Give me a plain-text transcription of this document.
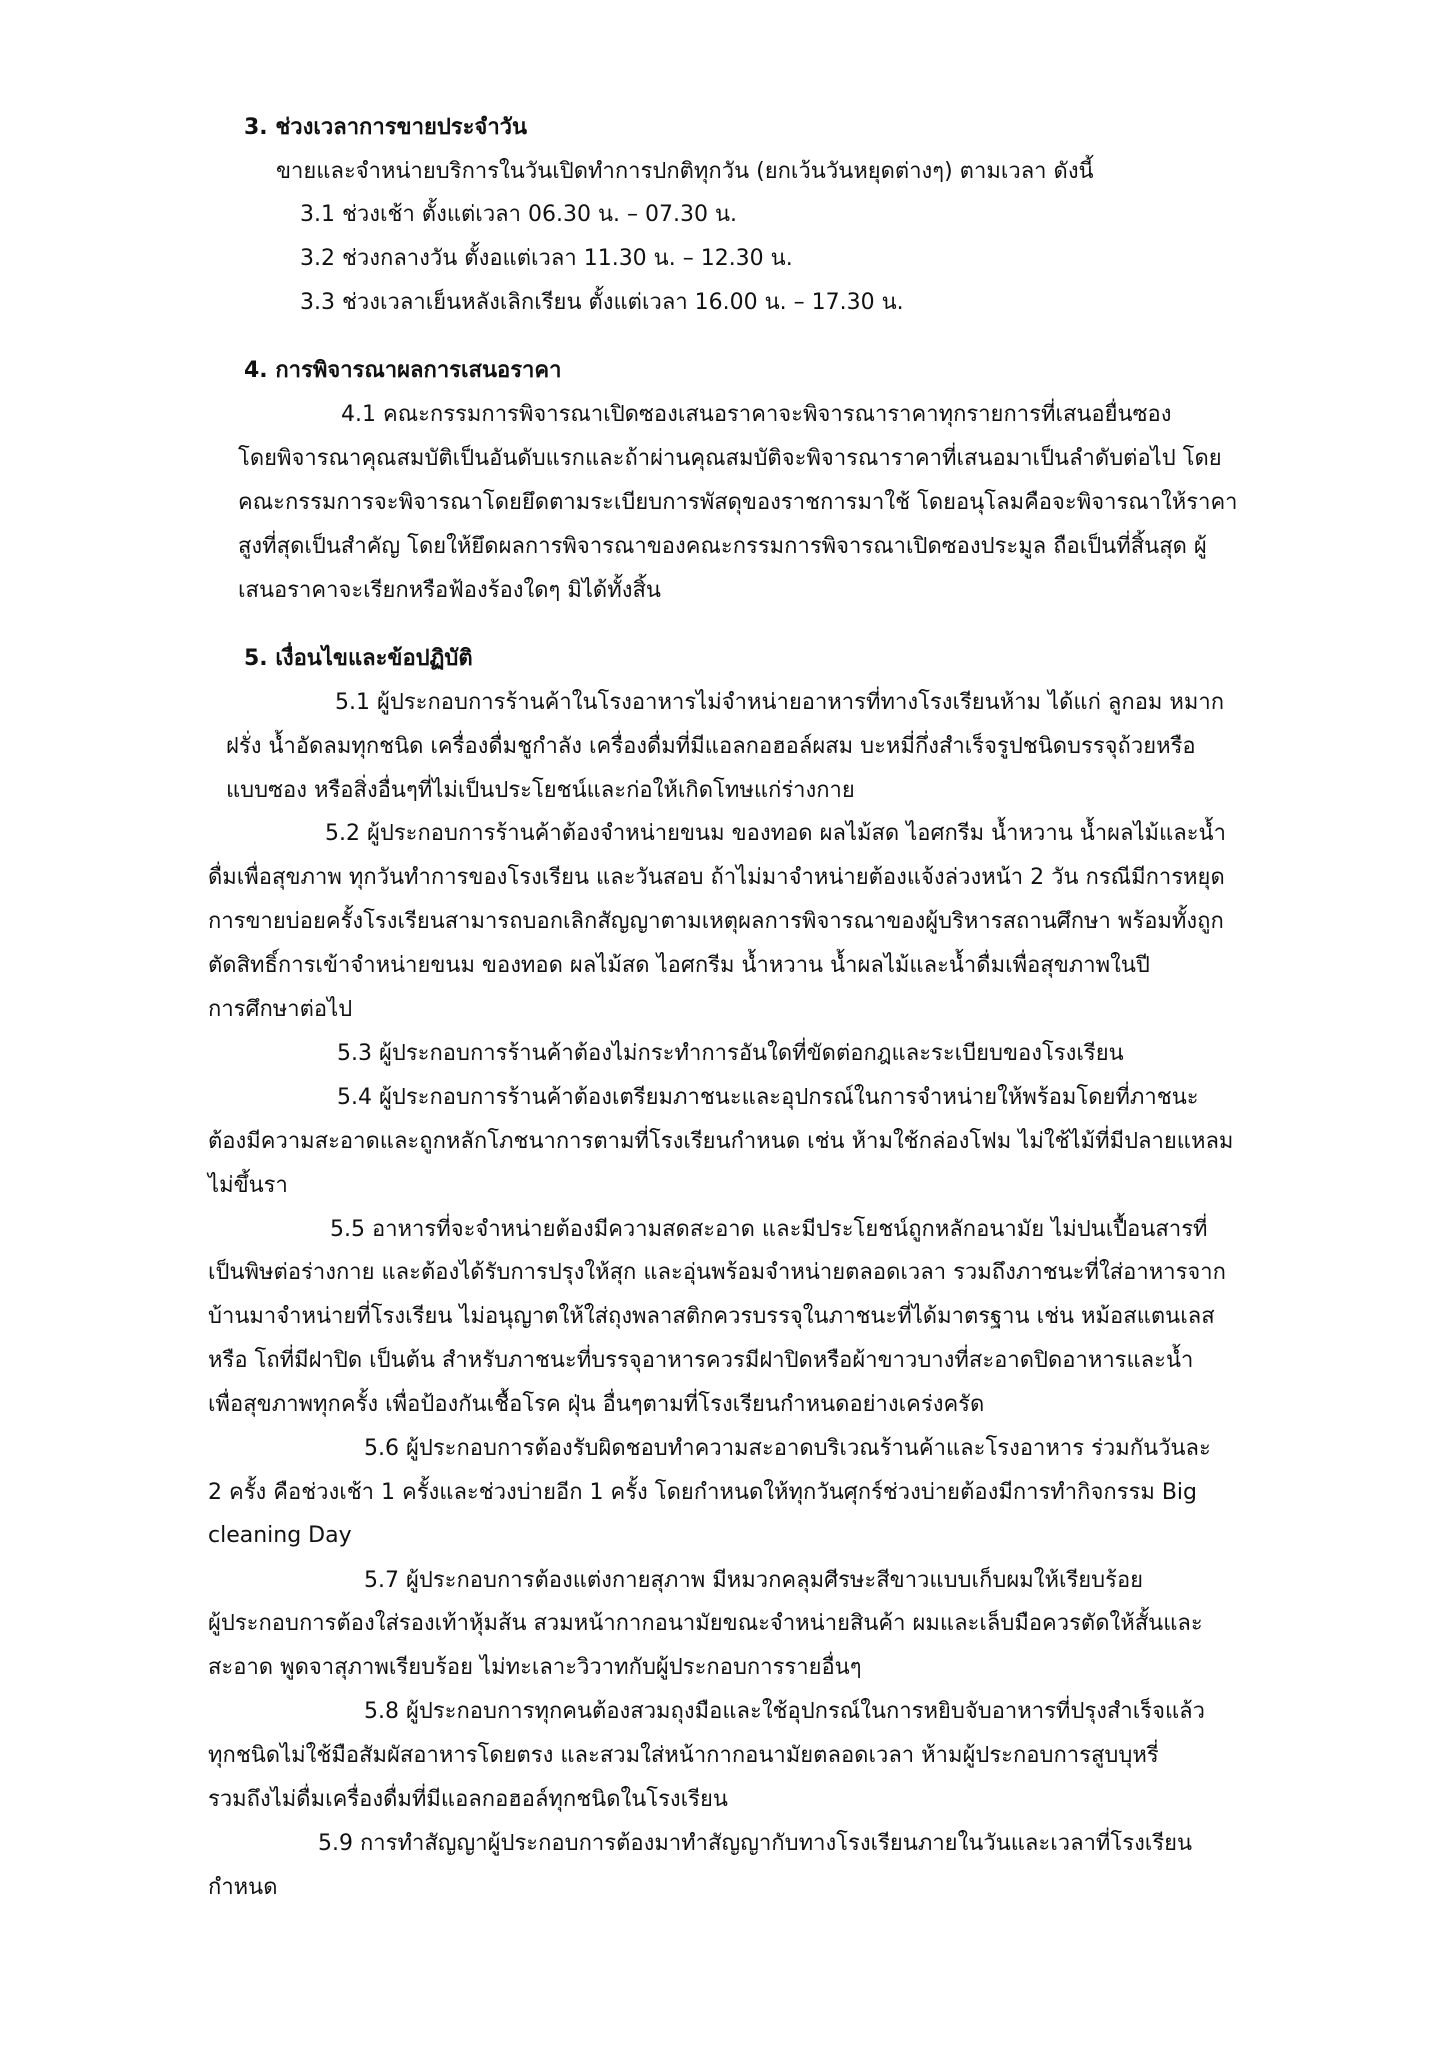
3. ช่วงเวลาการขายประจำวัน
ขายและจำหน่ายบริการในวันเปิดทำการปกติทุกวัน (ยกเว้นวันหยุดต่างๆ) ตามเวลา ดังนี้
3.1 ช่วงเช้า ตั้งแต่เวลา 06.30 น. – 07.30 น.
3.2 ช่วงกลางวัน ตั้งอแต่เวลา 11.30 น. – 12.30 น.
3.3 ช่วงเวลาเย็นหลังเลิกเรียน ตั้งแต่เวลา 16.00 น. – 17.30 น.
4. การพิจารณาผลการเสนอราคา
4.1 คณะกรรมการพิจารณาเปิดซองเสนอราคาจะพิจารณาราคาทุกรายการที่เสนอยื่นซอง
โดยพิจารณาคุณสมบัติเป็นอันดับแรกและถ้าผ่านคุณสมบัติจะพิจารณาราคาที่เสนอมาเป็นลำดับต่อไป โดย
คณะกรรมการจะพิจารณาโดยยึดตามระเบียบการพัสดุของราชการมาใช้ โดยอนุโลมคือจะพิจารณาให้ราคา
สูงที่สุดเป็นสำคัญ โดยให้ยึดผลการพิจารณาของคณะกรรมการพิจารณาเปิดซองประมูล ถือเป็นที่สิ้นสุด ผู้
เสนอราคาจะเรียกหรือฟ้องร้องใดๆ มิได้ทั้งสิ้น
5. เงื่อนไขและข้อปฏิบัติ
5.1 ผู้ประกอบการร้านค้าในโรงอาหารไม่จำหน่ายอาหารที่ทางโรงเรียนห้าม ได้แก่ ลูกอม หมาก
ฝรั่ง น้ำอัดลมทุกชนิด เครื่องดื่มชูกำลัง เครื่องดื่มที่มีแอลกอฮอล์ผสม บะหมี่กึ่งสำเร็จรูปชนิดบรรจุถ้วยหรือ
แบบซอง หรือสิ่งอื่นๆที่ไม่เป็นประโยชน์และก่อให้เกิดโทษแก่ร่างกาย
5.2 ผู้ประกอบการร้านค้าต้องจำหน่ายขนม ของทอด ผลไม้สด ไอศกรีม น้ำหวาน น้ำผลไม้และน้ำ
ดื่มเพื่อสุขภาพ ทุกวันทำการของโรงเรียน และวันสอบ ถ้าไม่มาจำหน่ายต้องแจ้งล่วงหน้า 2 วัน กรณีมีการหยุด
การขายบ่อยครั้งโรงเรียนสามารถบอกเลิกสัญญาตามเหตุผลการพิจารณาของผู้บริหารสถานศึกษา พร้อมทั้งถูก
ตัดสิทธิ์การเข้าจำหน่ายขนม ของทอด ผลไม้สด ไอศกรีม น้ำหวาน น้ำผลไม้และน้ำดื่มเพื่อสุขภาพในปี
การศึกษาต่อไป
5.3 ผู้ประกอบการร้านค้าต้องไม่กระทำการอันใดที่ขัดต่อกฎและระเบียบของโรงเรียน
5.4 ผู้ประกอบการร้านค้าต้องเตรียมภาชนะและอุปกรณ์ในการจำหน่ายให้พร้อมโดยที่ภาชนะ
ต้องมีความสะอาดและถูกหลักโภชนาการตามที่โรงเรียนกำหนด เช่น ห้ามใช้กล่องโฟม ไม่ใช้ไม้ที่มีปลายแหลม
ไม่ขึ้นรา
5.5 อาหารที่จะจำหน่ายต้องมีความสดสะอาด และมีประโยชน์ถูกหลักอนามัย ไม่ปนเปื้อนสารที่
เป็นพิษต่อร่างกาย และต้องได้รับการปรุงให้สุก และอุ่นพร้อมจำหน่ายตลอดเวลา รวมถึงภาชนะที่ใส่อาหารจาก
บ้านมาจำหน่ายที่โรงเรียน ไม่อนุญาตให้ใส่ถุงพลาสติกควรบรรจุในภาชนะที่ได้มาตรฐาน เช่น หม้อสแตนเลส
หรือ โถที่มีฝาปิด เป็นต้น สำหรับภาชนะที่บรรจุอาหารควรมีฝาปิดหรือผ้าขาวบางที่สะอาดปิดอาหารและน้ำ
เพื่อสุขภาพทุกครั้ง เพื่อป้องกันเชื้อโรค ฝุ่น อื่นๆตามที่โรงเรียนกำหนดอย่างเคร่งครัด
5.6 ผู้ประกอบการต้องรับผิดชอบทำความสะอาดบริเวณร้านค้าและโรงอาหาร ร่วมกันวันละ
2 ครั้ง คือช่วงเช้า 1 ครั้งและช่วงบ่ายอีก 1 ครั้ง โดยกำหนดให้ทุกวันศุกร์ช่วงบ่ายต้องมีการทำกิจกรรม Big
cleaning Day
5.7 ผู้ประกอบการต้องแต่งกายสุภาพ มีหมวกคลุมศีรษะสีขาวแบบเก็บผมให้เรียบร้อย
ผู้ประกอบการต้องใส่รองเท้าหุ้มส้น สวมหน้ากากอนามัยขณะจำหน่ายสินค้า ผมและเล็บมือควรตัดให้สั้นและ
สะอาด พูดจาสุภาพเรียบร้อย ไม่ทะเลาะวิวาทกับผู้ประกอบการรายอื่นๆ
5.8 ผู้ประกอบการทุกคนต้องสวมถุงมือและใช้อุปกรณ์ในการหยิบจับอาหารที่ปรุงสำเร็จแล้ว
ทุกชนิดไม่ใช้มือสัมผัสอาหารโดยตรง และสวมใส่หน้ากากอนามัยตลอดเวลา ห้ามผู้ประกอบการสูบบุหรี่
รวมถึงไม่ดื่มเครื่องดื่มที่มีแอลกอฮอล์ทุกชนิดในโรงเรียน
5.9 การทำสัญญาผู้ประกอบการต้องมาทำสัญญากับทางโรงเรียนภายในวันและเวลาที่โรงเรียน
กำหนด
